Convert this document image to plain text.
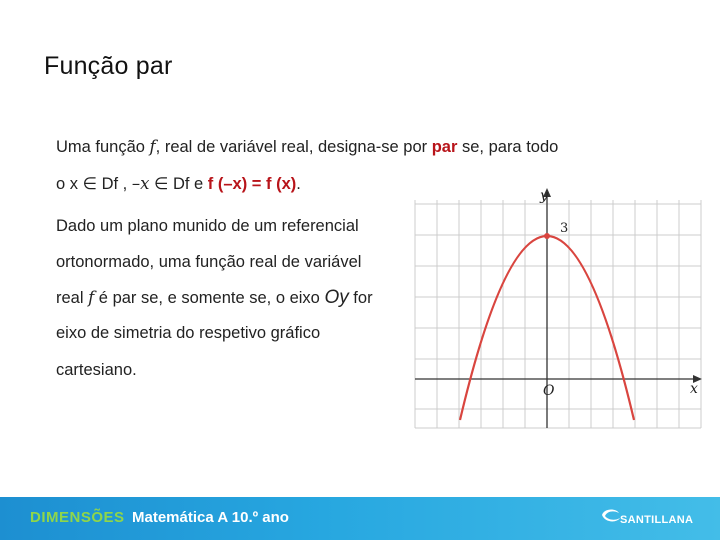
Função par
Uma função f, real de variável real, designa-se por par se, para todo
o x ∈ Df , –x ∈ Df e f (–x) = f (x).
Dado um plano munido de um referencial
ortonormado, uma função real de variável
real f é par se, e somente se, o eixo Oy for
eixo de simetria do respetivo gráfico
cartesiano.
y
3
O	x
DIMENSÕES Matemática A 10.º ano	SANTILLANA
